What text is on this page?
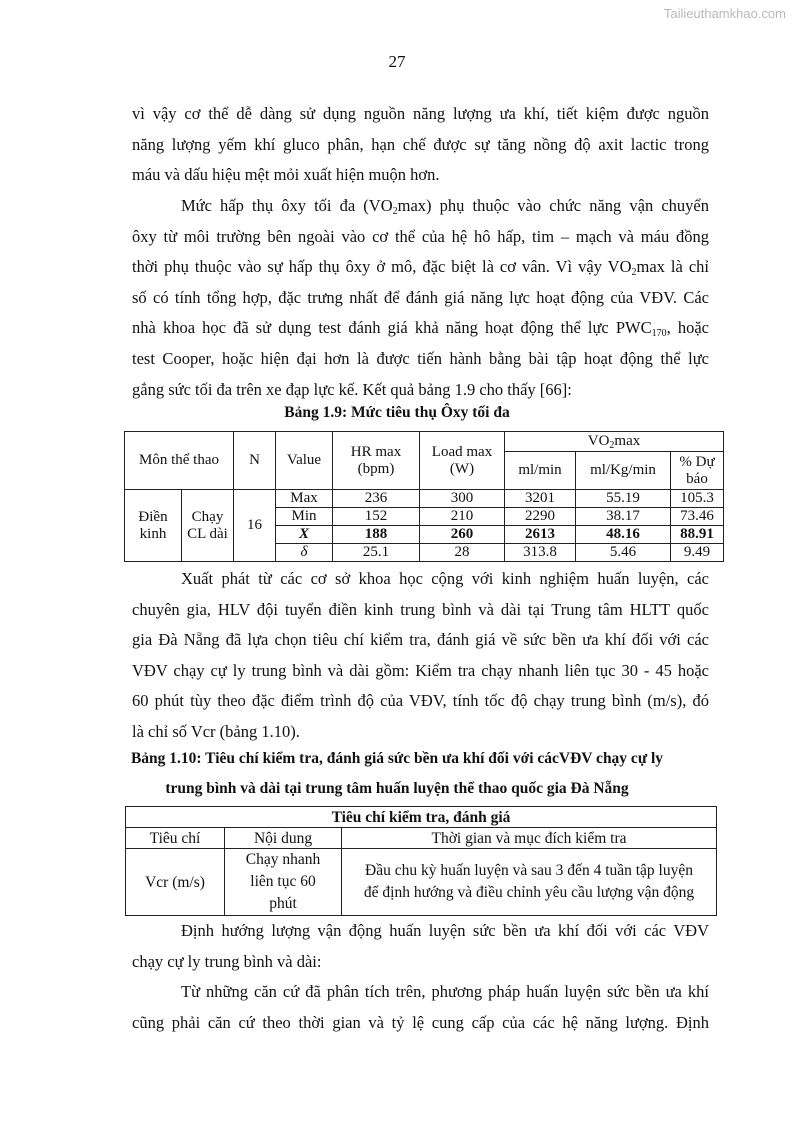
Tailieuthamkhao.com
27
vì vậy cơ thể dễ dàng sử dụng nguồn năng lượng ưa khí, tiết kiệm được nguồn
năng lượng yếm khí gluco phân, hạn chế được sự tăng nồng độ axit lactic trong
máu và dấu hiệu mệt mỏi xuất hiện muộn hơn.
Mức hấp thụ ôxy tối đa $(VO_2\max)$ phụ thuộc vào chức năng vận chuyển
ôxy từ môi trường bên ngoài vào cơ thể của hệ hô hấp, tim – mạch và máu đồng
thời phụ thuộc vào sự hấp thụ ôxy ở mô, đặc biệt là cơ vân. Vì vậy $VO_2\max$ là chỉ
số có tính tổng hợp, đặc trưng nhất để đánh giá năng lực hoạt động của VĐV. Các
nhà khoa học đã sử dụng test đánh giá khả năng hoạt động thể lực $PWC_{170}$, hoặc
test Cooper, hoặc hiện đại hơn là được tiến hành bằng bài tập hoạt động thể lực
gắng sức tối đa trên xe đạp lực kế. Kết quả bảng 1.9 cho thấy [66]:
Bảng 1.9: Mức tiêu thụ Ôxy tối đa
Môn thể thao		N	Value	HR max (bpm)	Load max (W)	$VO_2\max$		
						ml/min	ml/Kg/min	% Dự báo
Điền kinh	Chạy CL dài	16	Max	236	300	3201	55.19	105.3
			Min	152	210	2290	38.17	73.46
			$\overline{X}$	188	260	2613	48.16	88.91
			δ	25.1	28	313.8	5.46	9.49
Xuất phát từ các cơ sở khoa học cộng với kinh nghiệm huấn luyện, các
chuyên gia, HLV đội tuyển điền kinh trung bình và dài tại Trung tâm HLTT quốc
gia Đà Nẵng đã lựa chọn tiêu chí kiểm tra, đánh giá về sức bền ưa khí đối với các
VĐV chạy cự ly trung bình và dài gồm: Kiểm tra chạy nhanh liên tục 30 - 45 hoặc
60 phút tùy theo đặc điểm trình độ của VĐV, tính tốc độ chạy trung bình (m/s), đó
là chỉ số Vcr (bảng 1.10).
Bảng 1.10: Tiêu chí kiểm tra, đánh giá sức bền ưa khí đối với cácVĐV chạy cự ly
trung bình và dài tại trung tâm huấn luyện thể thao quốc gia Đà Nẵng
Tiêu chí kiểm tra, đánh giá		
Tiêu chí	Nội dung	Thời gian và mục đích kiểm tra
Vcr (m/s)	Chạy nhanh liên tục 60 phút	Đầu chu kỳ huấn luyện và sau 3 đến 4 tuần tập luyện để định hướng và điều chỉnh yêu cầu lượng vận động
Định hướng lượng vận động huấn luyện sức bền ưa khí đối với các VĐV
chạy cự ly trung bình và dài:
Từ những căn cứ đã phân tích trên, phương pháp huấn luyện sức bền ưa khí
cũng phải căn cứ theo thời gian và tỷ lệ cung cấp của các hệ năng lượng. Định
